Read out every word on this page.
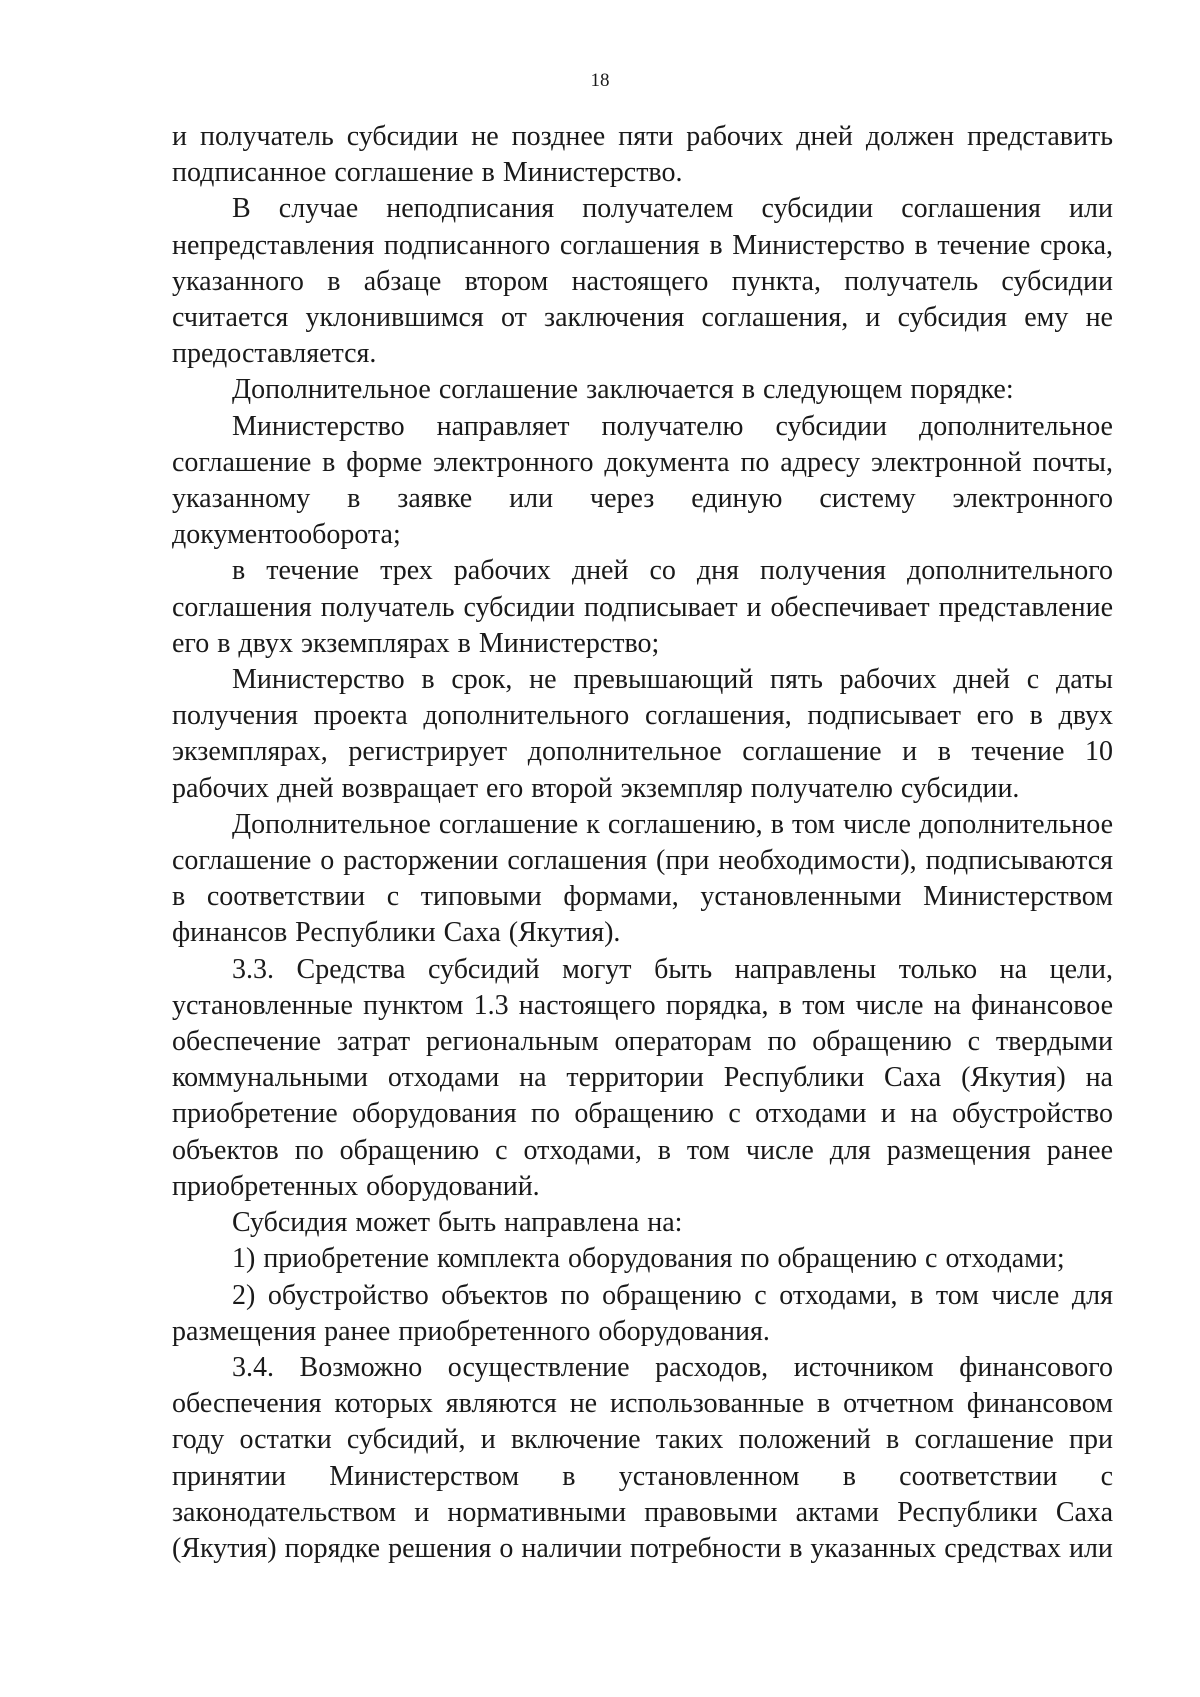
18

и получатель субсидии не позднее пяти рабочих дней должен представить подписанное соглашение в Министерство.

В случае неподписания получателем субсидии соглашения или непредставления подписанного соглашения в Министерство в течение срока, указанного в абзаце втором настоящего пункта, получатель субсидии считается уклонившимся от заключения соглашения, и субсидия ему не предоставляется.

Дополнительное соглашение заключается в следующем порядке:

Министерство направляет получателю субсидии дополнительное соглашение в форме электронного документа по адресу электронной почты, указанному в заявке или через единую систему электронного документооборота;

в течение трех рабочих дней со дня получения дополнительного соглашения получатель субсидии подписывает и обеспечивает представление его в двух экземплярах в Министерство;

Министерство в срок, не превышающий пять рабочих дней с даты получения проекта дополнительного соглашения, подписывает его в двух экземплярах, регистрирует дополнительное соглашение и в течение 10 рабочих дней возвращает его второй экземпляр получателю субсидии.

Дополнительное соглашение к соглашению, в том числе дополнительное соглашение о расторжении соглашения (при необходимости), подписываются в соответствии с типовыми формами, установленными Министерством финансов Республики Саха (Якутия).

3.3. Средства субсидий могут быть направлены только на цели, установленные пунктом 1.3 настоящего порядка, в том числе на финансовое обеспечение затрат региональным операторам по обращению с твердыми коммунальными отходами на территории Республики Саха (Якутия) на приобретение оборудования по обращению с отходами и на обустройство объектов по обращению с отходами, в том числе для размещения ранее приобретенных оборудований.

Субсидия может быть направлена на:

1) приобретение комплекта оборудования по обращению с отходами;

2) обустройство объектов по обращению с отходами, в том числе для размещения ранее приобретенного оборудования.

3.4. Возможно осуществление расходов, источником финансового обеспечения которых являются не использованные в отчетном финансовом году остатки субсидий, и включение таких положений в соглашение при принятии Министерством в установленном в соответствии с законодательством и нормативными правовыми актами Республики Саха (Якутия) порядке решения о наличии потребности в указанных средствах или
